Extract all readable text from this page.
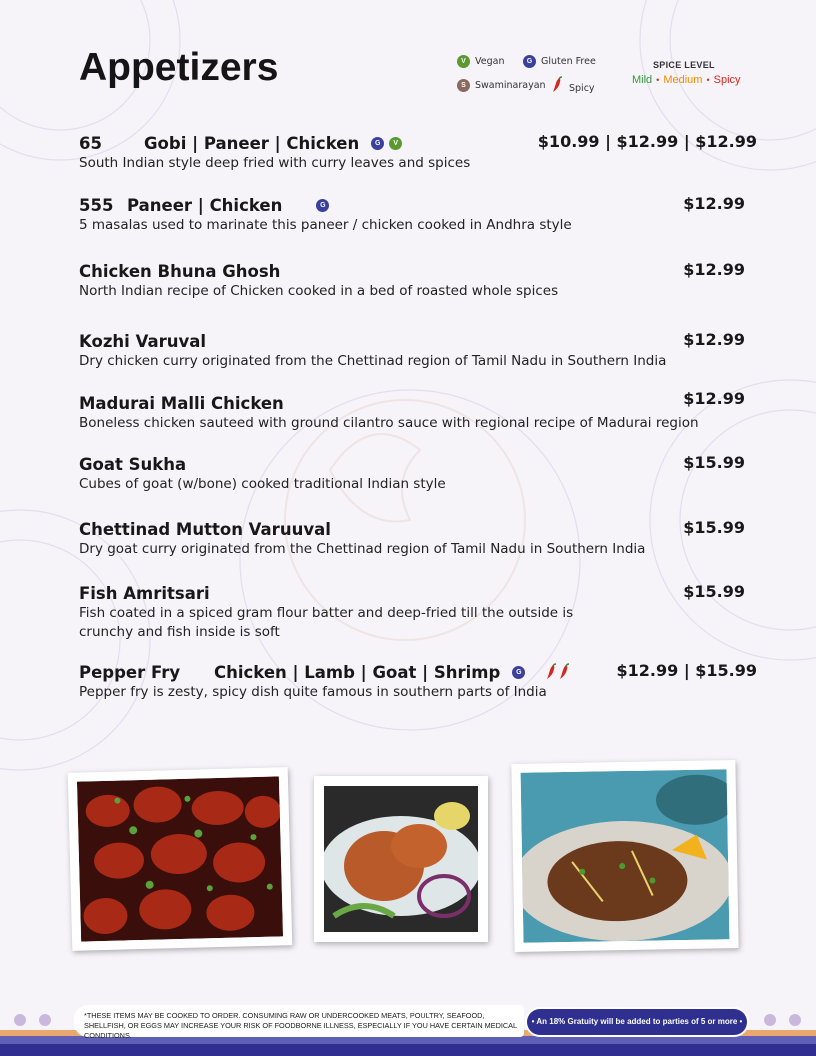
Appetizers	V Vegan	G Gluten Free
S Swaminarayan Spicy
SPICE LEVEL
Mild • Medium • Spicy
65	Gobi | Paneer | Chicken	G	V	$10.99 | $12.99 | $12.99
South Indian style deep fried with curry leaves and spices
555 Paneer | Chicken	G	$12.99
5 masalas used to marinate this paneer / chicken cooked in Andhra style
Chicken Bhuna Ghosh	$12.99
North Indian recipe of Chicken cooked in a bed of roasted whole spices
Kozhi Varuval	$12.99
Dry chicken curry originated from the Chettinad region of Tamil Nadu in Southern India
Madurai Malli Chicken	$12.99
Boneless chicken sauteed with ground cilantro sauce with regional recipe of Madurai region
Goat Sukha	$15.99
Cubes of goat (w/bone) cooked traditional Indian style
Chettinad Mutton Varuuval	$15.99
Dry goat curry originated from the Chettinad region of Tamil Nadu in Southern India
Fish Amritsari	$15.99
Fish coated in a spiced gram flour batter and deep-fried till the outside is crunchy and fish inside is soft
Pepper Fry	Chicken | Lamb | Goat | Shrimp	G	$12.99 | $15.99
Pepper fry is zesty, spicy dish quite famous in southern parts of India
*THESE ITEMS MAY BE COOKED TO ORDER. CONSUMING RAW OR UNDERCOOKED MEATS, POULTRY, SEAFOOD, SHELLFISH, OR EGGS MAY INCREASE YOUR RISK OF FOODBORNE ILLNESS, ESPECIALLY IF YOU HAVE CERTAIN MEDICAL CONDITIONS.
• An 18% Gratuity will be added to parties of 5 or more •
